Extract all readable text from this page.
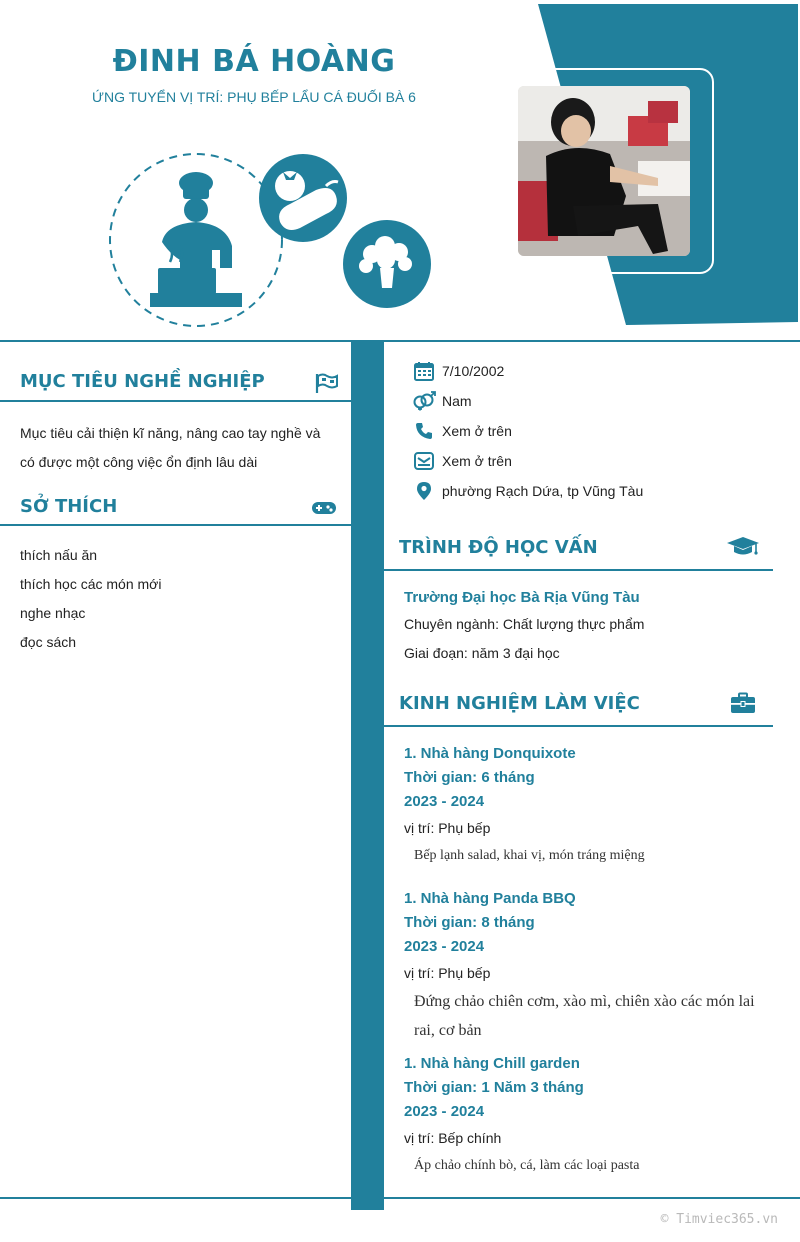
ĐINH BÁ HOÀNG
ỨNG TUYỂN VỊ TRÍ: PHỤ BẾP LẨU CÁ ĐUỐI BÀ 6
MỤC TIÊU NGHỀ NGHIỆP
Mục tiêu cải thiện kĩ năng, nâng cao tay nghề và
có được một công việc ổn định lâu dài
SỞ THÍCH
thích nấu ăn
thích học các món mới
nghe nhạc
đọc sách
7/10/2002
Nam
Xem ở trên
Xem ở trên
phường Rạch Dứa, tp Vũng Tàu
TRÌNH ĐỘ HỌC VẤN
Trường Đại học Bà Rịa Vũng Tàu
Chuyên ngành: Chất lượng thực phẩm
Giai đoạn: năm 3 đại học
KINH NGHIỆM LÀM VIỆC
1. Nhà hàng Donquixote
Thời gian: 6 tháng
2023 - 2024
vị trí: Phụ bếp
Bếp lạnh salad, khai vị, món tráng miệng
1. Nhà hàng Panda BBQ
Thời gian: 8 tháng
2023 - 2024
vị trí: Phụ bếp
Đứng chảo chiên cơm, xào mì, chiên xào các món lai
rai, cơ bản
1. Nhà hàng Chill garden
Thời gian: 1 Năm 3 tháng
2023 - 2024
vị trí: Bếp chính
Áp chảo chính bò, cá, làm các loại pasta
© Timviec365.vn
